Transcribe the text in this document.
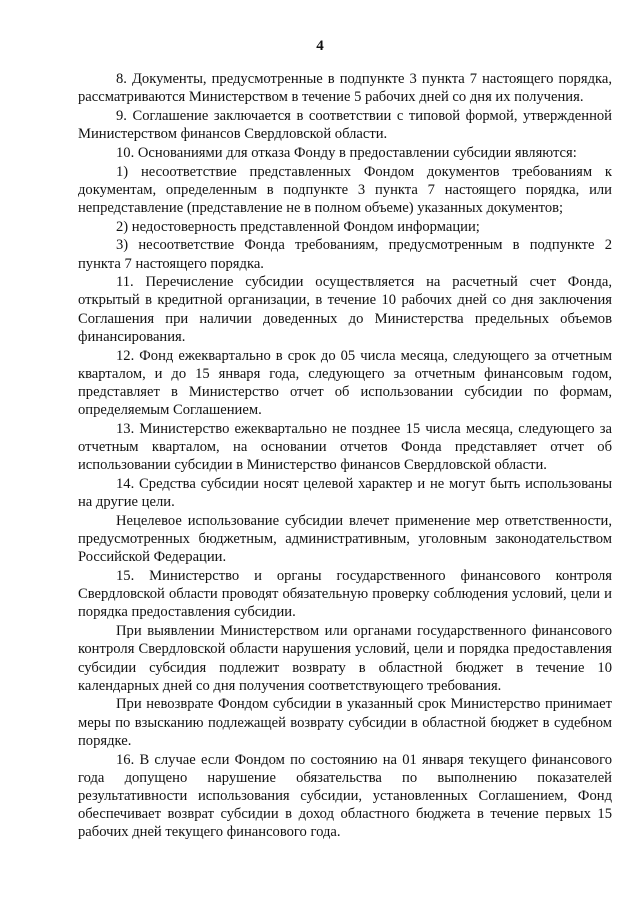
4

8. Документы, предусмотренные в подпункте 3 пункта 7 настоящего порядка, рассматриваются Министерством в течение 5 рабочих дней со дня их получения.

9. Соглашение заключается в соответствии с типовой формой, утвержденной Министерством финансов Свердловской области.

10. Основаниями для отказа Фонду в предоставлении субсидии являются:

1) несоответствие представленных Фондом документов требованиям к документам, определенным в подпункте 3 пункта 7 настоящего порядка, или непредставление (представление не в полном объеме) указанных документов;

2) недостоверность представленной Фондом информации;

3) несоответствие Фонда требованиям, предусмотренным в подпункте 2 пункта 7 настоящего порядка.

11. Перечисление субсидии осуществляется на расчетный счет Фонда, открытый в кредитной организации, в течение 10 рабочих дней со дня заключения Соглашения при наличии доведенных до Министерства предельных объемов финансирования.

12. Фонд ежеквартально в срок до 05 числа месяца, следующего за отчетным кварталом, и до 15 января года, следующего за отчетным финансовым годом, представляет в Министерство отчет об использовании субсидии по формам, определяемым Соглашением.

13. Министерство ежеквартально не позднее 15 числа месяца, следующего за отчетным кварталом, на основании отчетов Фонда представляет отчет об использовании субсидии в Министерство финансов Свердловской области.

14. Средства субсидии носят целевой характер и не могут быть использованы на другие цели.

Нецелевое использование субсидии влечет применение мер ответственности, предусмотренных бюджетным, административным, уголовным законодательством Российской Федерации.

15. Министерство и органы государственного финансового контроля Свердловской области проводят обязательную проверку соблюдения условий, цели и порядка предоставления субсидии.

При выявлении Министерством или органами государственного финансового контроля Свердловской области нарушения условий, цели и порядка предоставления субсидии субсидия подлежит возврату в областной бюджет в течение 10 календарных дней со дня получения соответствующего требования.

При невозврате Фондом субсидии в указанный срок Министерство принимает меры по взысканию подлежащей возврату субсидии в областной бюджет в судебном порядке.

16. В случае если Фондом по состоянию на 01 января текущего финансового года допущено нарушение обязательства по выполнению показателей результативности использования субсидии, установленных Соглашением, Фонд обеспечивает возврат субсидии в доход областного бюджета в течение первых 15 рабочих дней текущего финансового года.
